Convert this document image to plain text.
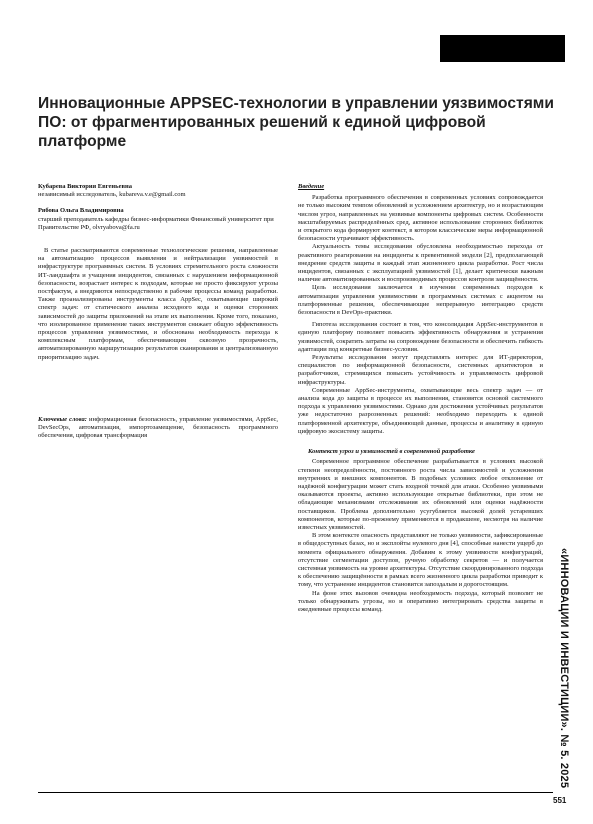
Инновационные APPSEC-технологии в управлении уязвимостями ПО: от фрагментированных решений к единой цифровой платформе
Кубарева Виктория Евгеньевна
независимый исследователь, kubareva.v.e@gmail.com
Рябова Ольга Владимировна
старший преподаватель кафедры бизнес-информатики Финансовый университет при Правительстве РФ, olvryabova@fa.ru

В статье рассматриваются современные технологические решения, направленные на автоматизацию процессов выявления и нейтрализации уязвимостей в инфраструктуре программных систем. В условиях стремительного роста сложности ИТ-ландшафта и учащения инцидентов, связанных с нарушением информационной безопасности, возрастает интерес к подходам, которые не просто фиксируют угрозы постфактум, а внедряются непосредственно в рабочие процессы команд разработки. Также проанализированы инструменты класса AppSec, охватывающие широкий спектр задач: от статического анализа исходного кода и оценки сторонних зависимостей до защиты приложений на этапе их выполнения. Кроме того, показано, что изолированное применение таких инструментов снижает общую эффективность процессов управления уязвимостями, и обоснована необходимость перехода к комплексным платформам, обеспечивающим сквозную прозрачность, автоматизированную маршрутизацию результатов сканирования и централизованную приоритизацию задач.

Ключевые слова: информационная безопасность, управление уязвимостями, AppSec, DevSecOps, автоматизация, импортозамещение, безопасность программного обеспечения, цифровая трансформация
Введение

Разработка программного обеспечения в современных условиях сопровождается не только высоким темпом обновлений и усложнением архитектур, но и возрастающим числом угроз, направленных на уязвимые компоненты цифровых систем. Особенности масштабируемых распределённых сред, активное использование сторонних библиотек и открытого кода формируют контекст, в котором классические меры информационной безопасности утрачивают эффективность.

Актуальность темы исследования обусловлена необходимостью перехода от реактивного реагирования на инциденты к превентивной модели [2], предполагающей внедрение средств защиты в каждый этап жизненного цикла разработки. Рост числа инцидентов, связанных с эксплуатацией уязвимостей [1], делает критически важным наличие автоматизированных и воспроизводимых процессов контроля защищённости.

Цель исследования заключается в изучении современных подходов к автоматизации управления уязвимостями в программных системах с акцентом на платформенные решения, обеспечивающие непрерывную интеграцию средств безопасности в DevOps-практики.

Гипотеза исследования состоит в том, что консолидация AppSec-инструментов в единую платформу позволяет повысить эффективность обнаружения и устранения уязвимостей, сократить затраты на сопровождение безопасности и обеспечить гибкость адаптации под конкретные бизнес-условия.

Результаты исследования могут представлять интерес для ИТ-директоров, специалистов по информационной безопасности, системных архитекторов и разработчиков, стремящихся повысить устойчивость и управляемость цифровой инфраструктуры.

Современные AppSec-инструменты, охватывающие весь спектр задач — от анализа кода до защиты в процессе их выполнения, становятся основой системного подхода к управлению уязвимостями. Однако для достижения устойчивых результатов уже недостаточно разрозненных решений: необходимо переходить к единой платформенной архитектуре, объединяющей данные, процессы и аналитику в единую цифровую экосистему защиты.

Контекст угроз и уязвимостей в современной разработке

Современное программное обеспечение разрабатывается в условиях высокой степени неопределённости, постоянного роста числа зависимостей и усложнения внутренних и внешних компонентов. В подобных условиях любое отклонение от надёжной конфигурации может стать входной точкой для атаки. Особенно уязвимыми оказываются проекты, активно использующие открытые библиотеки, при этом не обладающие механизмами отслеживания их обновлений или оценки надёжности поставщиков. Проблема дополнительно усугубляется высокой долей устаревших компонентов, которые по-прежнему применяются в продакшене, несмотря на наличие известных уязвимостей.

В этом контексте опасность представляют не только уязвимости, зафиксированные в общедоступных базах, но и эксплойты нулевого дня [4], способные нанести ущерб до момента официального обнаружения. Добавим к этому уязвимости конфигураций, отсутствие сегментации доступов, ручную обработку секретов — и получается системная уязвимость на уровне архитектуры. Отсутствие скоординированного подхода к обеспечению защищённости в рамках всего жизненного цикла разработки приводит к тому, что устранение инцидентов становится запоздалым и дорогостоящим.

На фоне этих вызовов очевидна необходимость подхода, который позволит не только обнаруживать угрозы, но и оперативно интегрировать средства защиты в ежедневные процессы команд.	«ИННОВАЦИИ И ИНВЕСТИЦИИ». № 5. 2025
551
